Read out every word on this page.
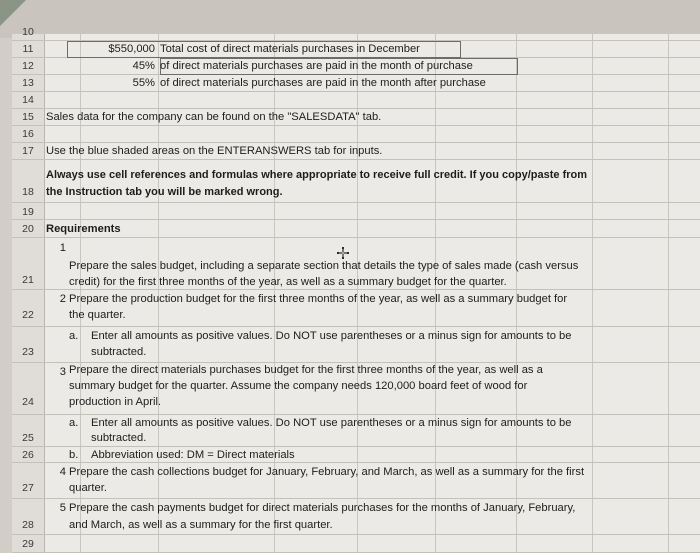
10
11	$550,000 Total cost of direct materials purchases in December
12	45% of direct materials purchases are paid in the month of purchase
13	55% of direct materials purchases are paid in the month after purchase
14
15	Sales data for the company can be found on the "SALESDATA" tab.
16
17	Use the blue shaded areas on the ENTERANSWERS tab for inputs.
18
Always use cell references and formulas where appropriate to receive full credit. If you copy/paste from
the Instruction tab you will be marked wrong.
19
20	Requirements
21
1
Prepare the sales budget, including a separate section that details the type of sales made (cash versus
credit) for the first three months of the year, as well as a summary budget for the quarter.
22
2 Prepare the production budget for the first three months of the year, as well as a summary budget for
the quarter.
23
a. Enter all amounts as positive values. Do NOT use parentheses or a minus sign for amounts to be
subtracted.
24
3 Prepare the direct materials purchases budget for the first three months of the year, as well as a
summary budget for the quarter. Assume the company needs 120,000 board feet of wood for
production in April.
25
a. Enter all amounts as positive values. Do NOT use parentheses or a minus sign for amounts to be
subtracted.
26	b. Abbreviation used: DM = Direct materials
27
4 Prepare the cash collections budget for January, February, and March, as well as a summary for the first
quarter.
28
5 Prepare the cash payments budget for direct materials purchases for the months of January, February,
and March, as well as a summary for the first quarter.
29
